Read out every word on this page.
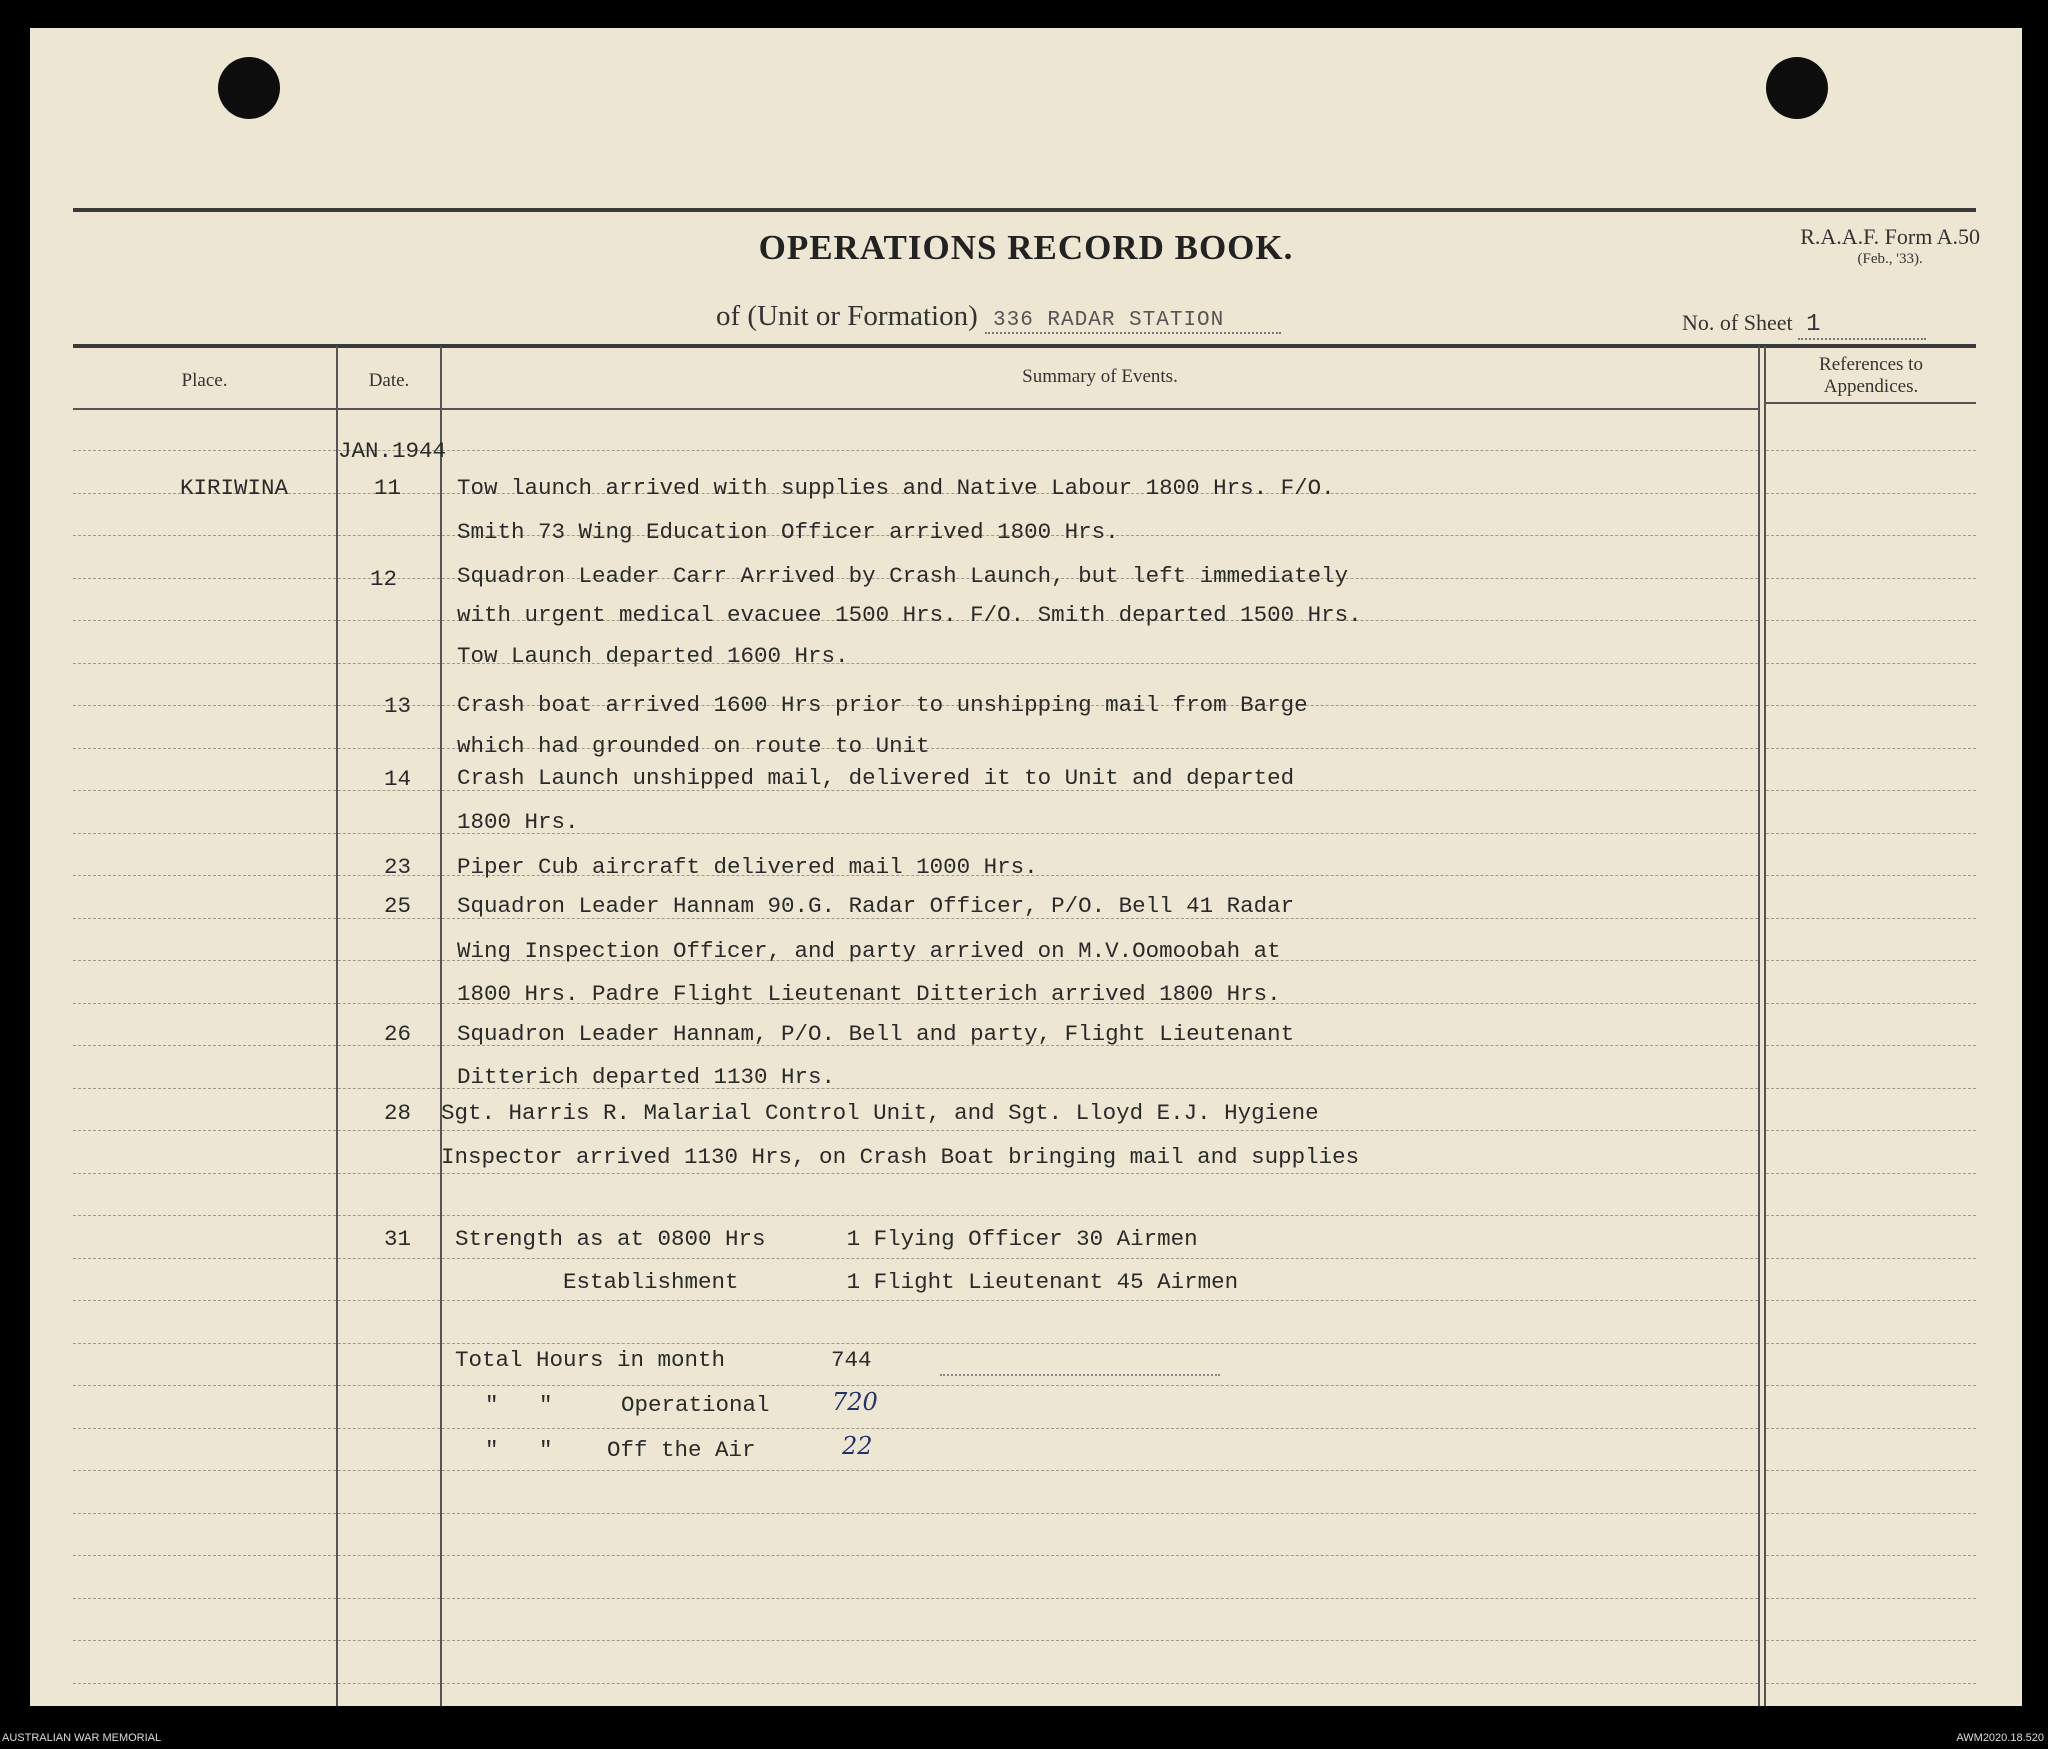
OPERATIONS RECORD BOOK.	R.A.A.F. Form A.50
(Feb., '33).
of (Unit or Formation) 336 RADAR STATION	No. of Sheet 1
Place.	Date.	Summary of Events.
References to
Appendices.
JAN.1944
KIRIWINA	11 Tow launch arrived with supplies and Native Labour 1800 Hrs. F/O.
Smith 73 Wing Education Officer arrived 1800 Hrs.
12	Squadron Leader Carr Arrived by Crash Launch, but left immediately
with urgent medical evacuee 1500 Hrs. F/O. Smith departed 1500 Hrs.
Tow Launch departed 1600 Hrs.
13 Crash boat arrived 1600 Hrs prior to unshipping mail from Barge
which had grounded on route to Unit
14 Crash Launch unshipped mail, delivered it to Unit and departed
1800 Hrs.
23 Piper Cub aircraft delivered mail 1000 Hrs.
25 Squadron Leader Hannam 90.G. Radar Officer, P/O. Bell 41 Radar
Wing Inspection Officer, and party arrived on M.V.Oomoobah at
1800 Hrs. Padre Flight Lieutenant Ditterich arrived 1800 Hrs.
26 Squadron Leader Hannam, P/O. Bell and party, Flight Lieutenant
Ditterich departed 1130 Hrs.
28 Sgt. Harris R. Malarial Control Unit, and Sgt. Lloyd E.J. Hygiene
Inspector arrived 1130 Hrs, on Crash Boat bringing mail and supplies
31 Strength as at 0800 Hrs      1 Flying Officer 30 Airmen
Establishment        1 Flight Lieutenant 45 Airmen
Total Hours in month	744
"   "	Operational	720
"   " Off the Air	22
AUSTRALIAN WAR MEMORIAL	AWM2020.18.520
